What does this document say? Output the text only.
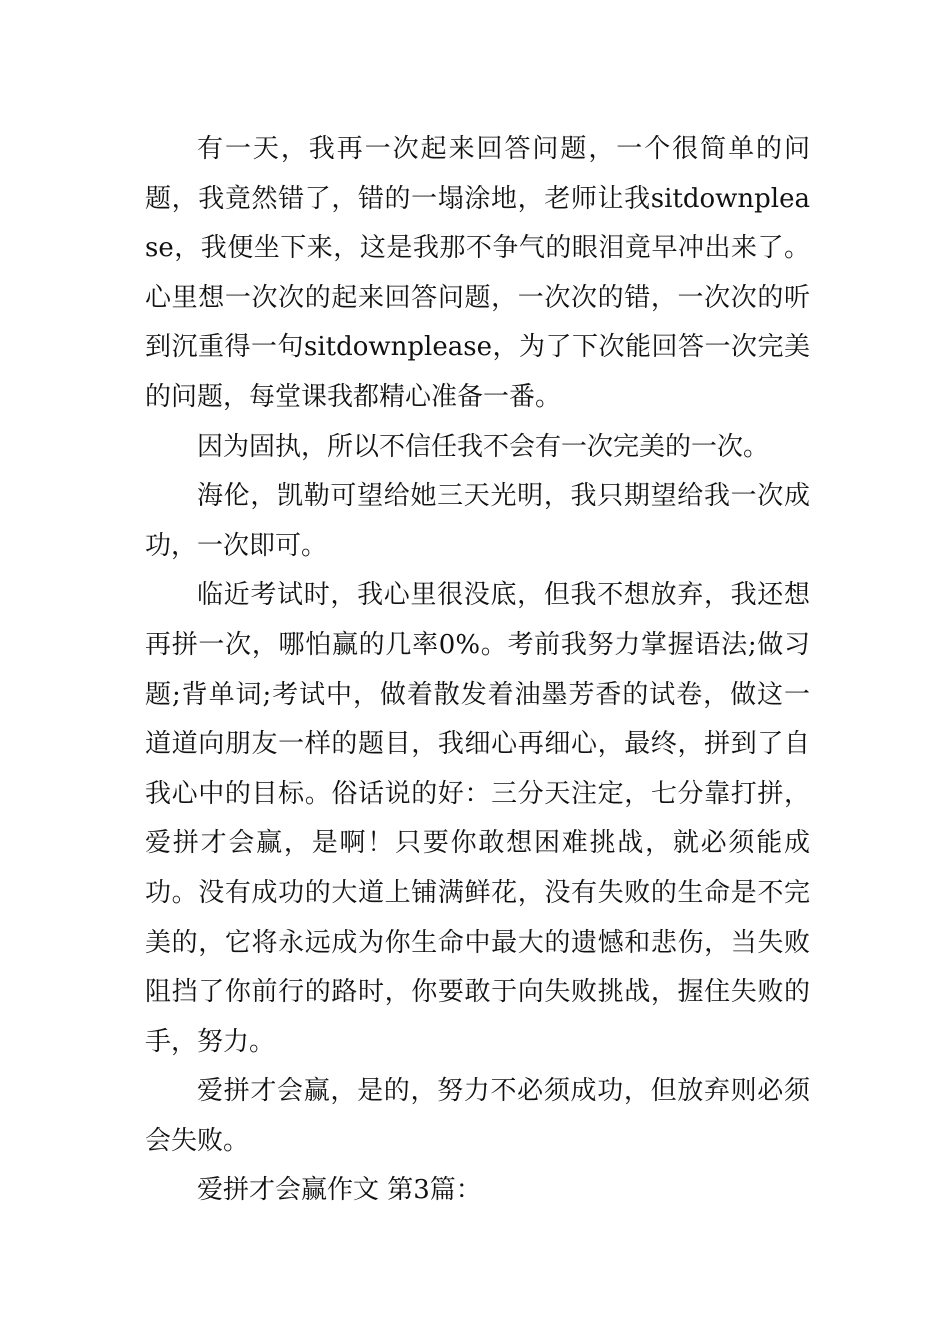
有一天，我再一次起来回答问题，一个很简单的问题，我竟然错了，错的一塌涂地，老师让我sitdownplease，我便坐下来，这是我那不争气的眼泪竟早冲出来了。心里想一次次的起来回答问题，一次次的错，一次次的听到沉重得一句sitdownplease，为了下次能回答一次完美的问题，每堂课我都精心准备一番。

因为固执，所以不信任我不会有一次完美的一次。

海伦，凯勒可望给她三天光明，我只期望给我一次成功，一次即可。

临近考试时，我心里很没底，但我不想放弃，我还想再拼一次，哪怕赢的几率0%。考前我努力掌握语法;做习题;背单词;考试中，做着散发着油墨芳香的试卷，做这一道道向朋友一样的题目，我细心再细心，最终，拼到了自我心中的目标。俗话说的好：三分天注定，七分靠打拼，爱拼才会赢，是啊！只要你敢想困难挑战，就必须能成功。没有成功的大道上铺满鲜花，没有失败的生命是不完美的，它将永远成为你生命中最大的遗憾和悲伤，当失败阻挡了你前行的路时，你要敢于向失败挑战，握住失败的手，努力。

爱拼才会赢，是的，努力不必须成功，但放弃则必须会失败。

爱拼才会赢作文 第3篇：
